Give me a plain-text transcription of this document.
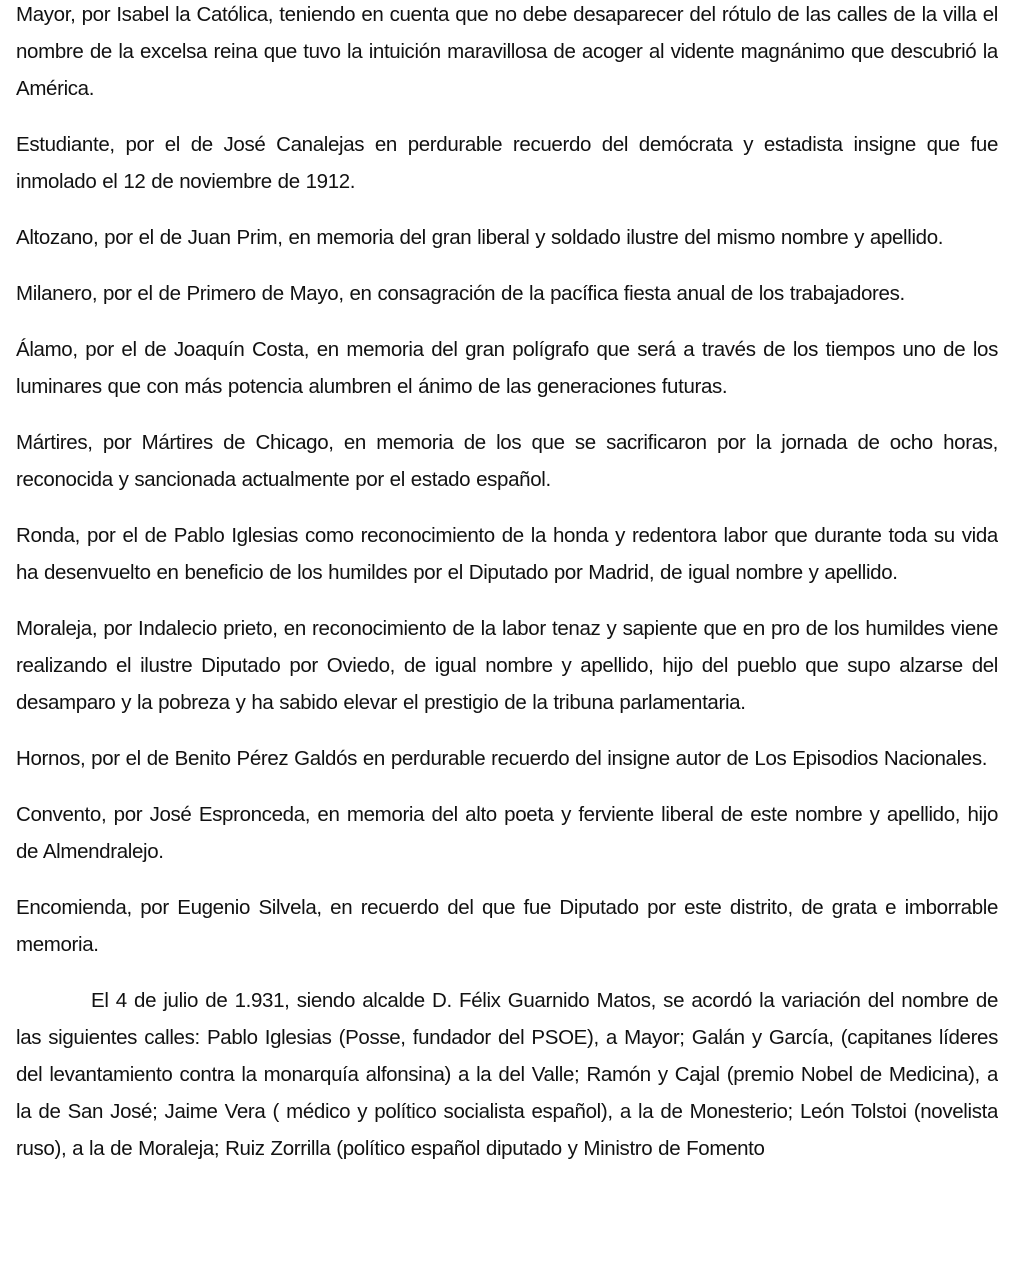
Mayor, por Isabel la Católica, teniendo en cuenta que no debe desaparecer del rótulo de las calles de la villa el nombre de la excelsa reina que tuvo la intuición maravillosa de acoger al vidente magnánimo que descubrió la América.

Estudiante, por el de José Canalejas en perdurable recuerdo del demócrata y estadista insigne que fue inmolado el 12 de noviembre de 1912.

Altozano, por el de Juan Prim, en memoria del gran liberal y soldado ilustre del mismo nombre y apellido.

Milanero, por el de Primero de Mayo, en consagración de la pacífica fiesta anual de los trabajadores.

Álamo, por el de Joaquín Costa, en memoria del gran polígrafo que será a través de los tiempos uno de los luminares que con más potencia alumbren el ánimo de las generaciones futuras.

Mártires, por Mártires de Chicago, en memoria de los que se sacrificaron por la jornada de ocho horas, reconocida y sancionada actualmente por el estado español.

Ronda, por el de Pablo Iglesias como reconocimiento de la honda y redentora labor que durante toda su vida ha desenvuelto en beneficio de los humildes por el Diputado por Madrid, de igual nombre y apellido.

Moraleja, por Indalecio prieto, en reconocimiento de la labor tenaz y sapiente que en pro de los humildes viene realizando el ilustre Diputado por Oviedo, de igual nombre y apellido, hijo del pueblo que supo alzarse del desamparo y la pobreza y ha sabido elevar el prestigio de la tribuna parlamentaria.

Hornos, por el de Benito Pérez Galdós en perdurable recuerdo del insigne autor de Los Episodios Nacionales.

Convento, por José Espronceda, en memoria del alto poeta y ferviente liberal de este nombre y apellido, hijo de Almendralejo.

Encomienda, por Eugenio Silvela, en recuerdo del que fue Diputado por este distrito, de grata e imborrable memoria.

El 4 de julio de 1.931, siendo alcalde D. Félix Guarnido Matos, se acordó la variación del nombre de las siguientes calles: Pablo Iglesias (Posse, fundador del PSOE), a Mayor; Galán y García, (capitanes líderes del levantamiento contra la monarquía alfonsina) a la del Valle; Ramón y Cajal (premio Nobel de Medicina), a la de San José; Jaime Vera ( médico y político socialista español), a la de Monesterio; León Tolstoi (novelista ruso), a la de Moraleja; Ruiz Zorrilla (político español diputado y Ministro de Fomento
